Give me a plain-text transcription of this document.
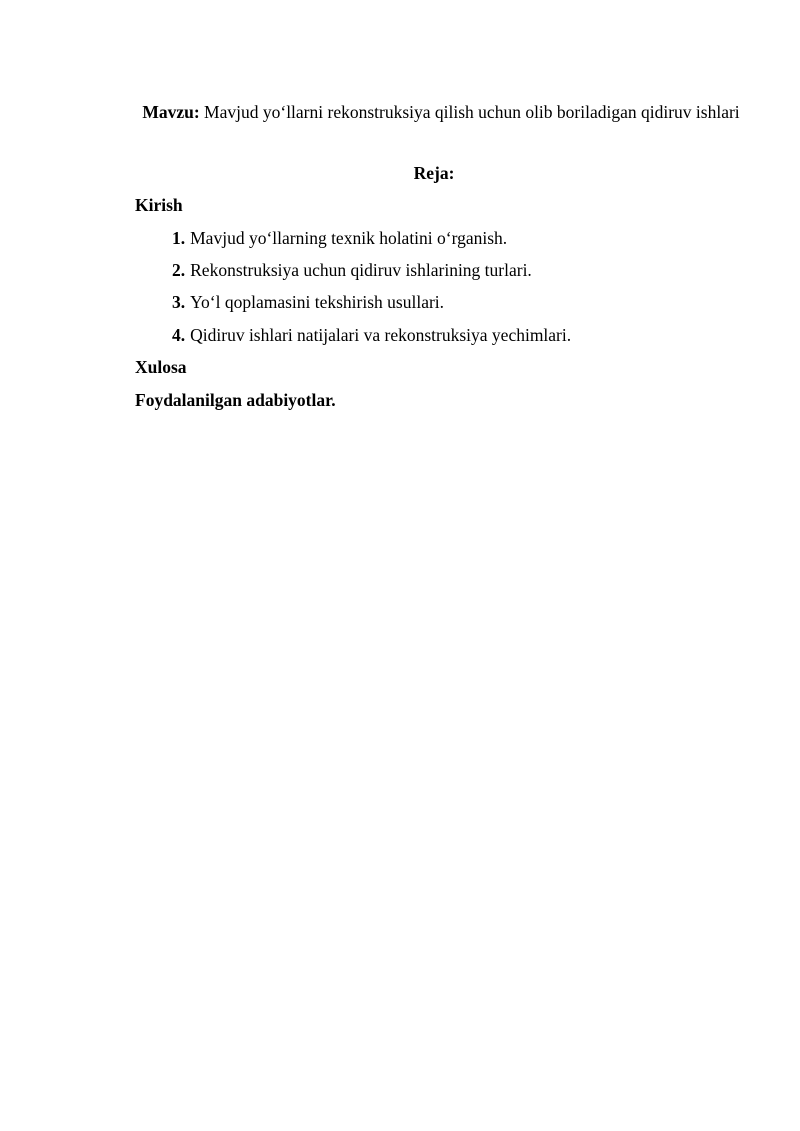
Mavzu: Mavjud yo‘llarni rekonstruksiya qilish uchun olib boriladigan qidiruv ishlari
Reja:
Kirish
1. Mavjud yo‘llarning texnik holatini o‘rganish.
2. Rekonstruksiya uchun qidiruv ishlarining turlari.
3. Yo‘l qoplamasini tekshirish usullari.
4. Qidiruv ishlari natijalari va rekonstruksiya yechimlari.
Xulosa
Foydalanilgan adabiyotlar.
